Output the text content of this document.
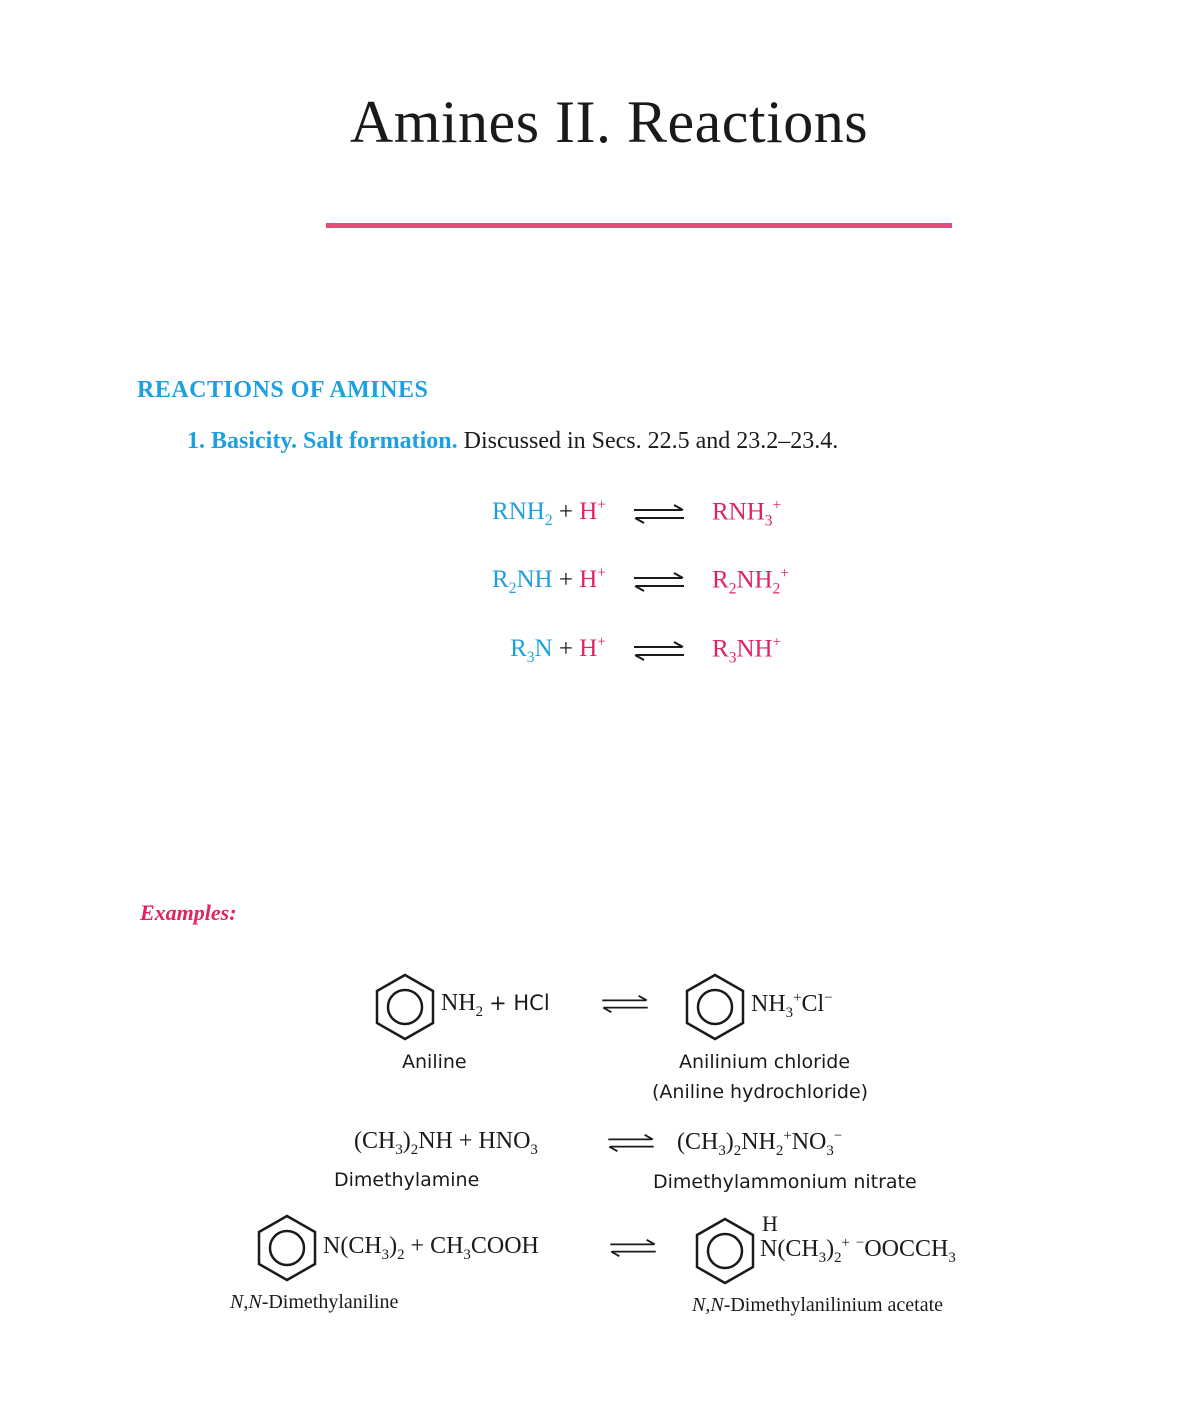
Amines II. Reactions
REACTIONS OF AMINES
1. Basicity. Salt formation. Discussed in Secs. 22.5 and 23.2–23.4.
$RNH_2 + H^+$	$RNH_3^+$
$R_2NH + H^+$	$R_2NH_2^+$
$R_3N + H^+$	$R_3NH^+$
Examples:
$NH_2$ + HCl	$NH_3^+Cl^-$
Aniline	Anilinium chloride
(Aniline hydrochloride)
$(CH_3)_2NH + HNO_3$	$(CH_3)_2NH_2^+NO_3^-$
Dimethylamine	Dimethylammonium nitrate
$N(CH_3)_2$ + $CH_3COOH$
H
$N(CH_3)_2^+$ $^-OOCCH_3$
N,N-Dimethylaniline	N,N-Dimethylanilinium acetate
